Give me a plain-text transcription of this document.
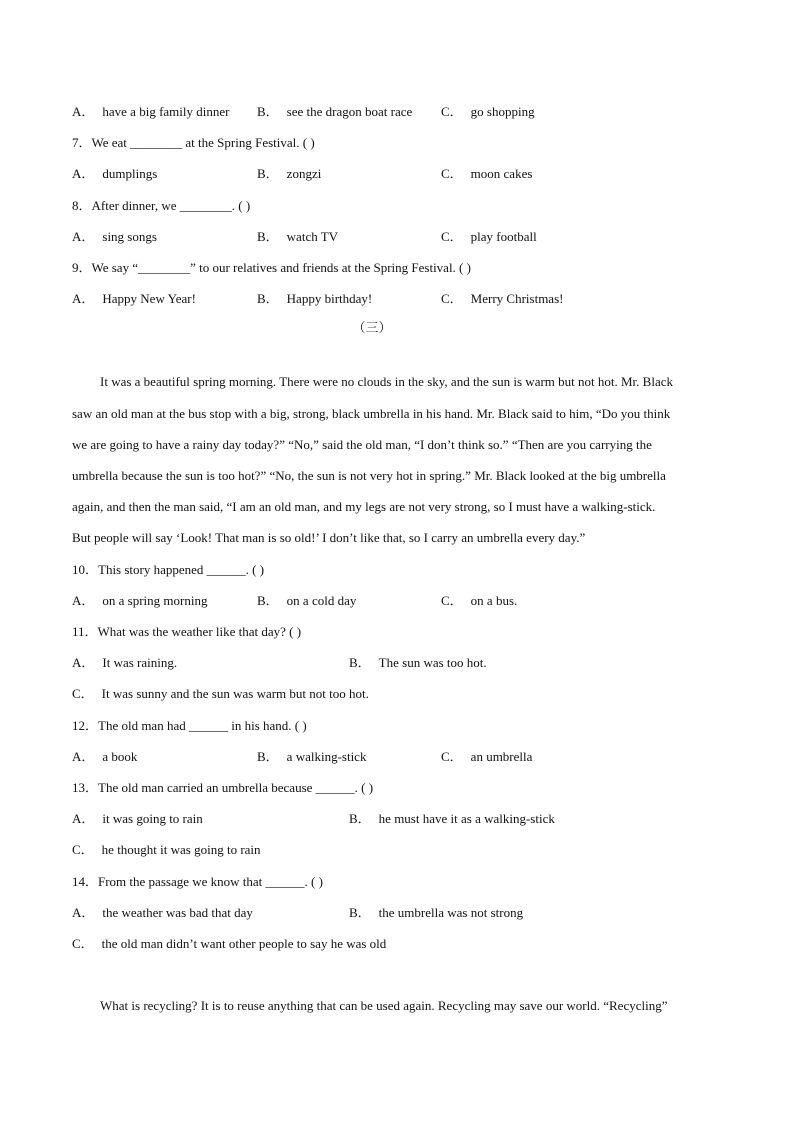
A． have a big family dinner B． see the dragon boat race C． go shopping
7．We eat ________ at the Spring Festival. ( )
A． dumplings	B． zongzi	C． moon cakes
8．After dinner, we ________. ( )
A． sing songs	B． watch TV	C． play football
9．We say “________” to our relatives and friends at the Spring Festival. ( )
A． Happy New Year!	B． Happy birthday!	C． Merry Christmas!
（三）
It was a beautiful spring morning. There were no clouds in the sky, and the sun is warm but not hot. Mr. Black
saw an old man at the bus stop with a big, strong, black umbrella in his hand. Mr. Black said to him, “Do you think
we are going to have a rainy day today?” “No,” said the old man, “I don’t think so.” “Then are you carrying the
umbrella because the sun is too hot?” “No, the sun is not very hot in spring.” Mr. Black looked at the big umbrella
again, and then the man said, “I am an old man, and my legs are not very strong, so I must have a walking-stick.
But people will say ‘Look! That man is so old!’ I don’t like that, so I carry an umbrella every day.”
10．This story happened ______. ( )
A． on a spring morning	B． on a cold day	C． on a bus.
11．What was the weather like that day? ( )
A． It was raining.	B． The sun was too hot.
C． It was sunny and the sun was warm but not too hot.
12．The old man had ______ in his hand. ( )
A． a book	B． a walking-stick	C． an umbrella
13．The old man carried an umbrella because ______. ( )
A． it was going to rain	B． he must have it as a walking-stick
C． he thought it was going to rain
14．From the passage we know that ______. ( )
A． the weather was bad that day	B． the umbrella was not strong
C． the old man didn’t want other people to say he was old
What is recycling? It is to reuse anything that can be used again. Recycling may save our world. “Recycling”
